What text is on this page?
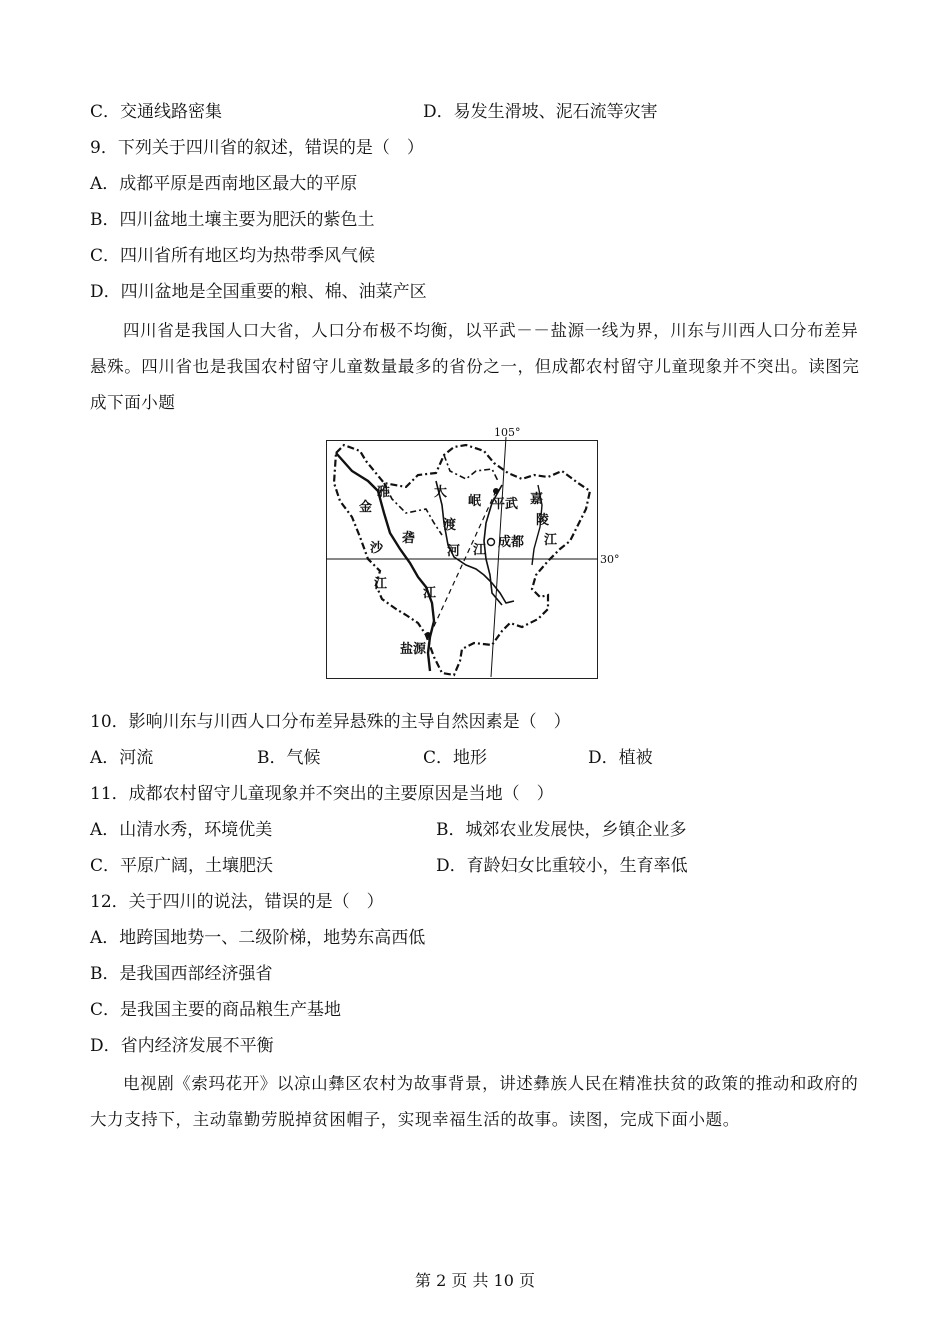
C．交通线路密集	D．易发生滑坡、泥石流等灾害
9．下列关于四川省的叙述，错误的是（　）
A．成都平原是西南地区最大的平原
B．四川盆地土壤主要为肥沃的紫色土
C．四川省所有地区均为热带季风气候
D．四川盆地是全国重要的粮、棉、油菜产区
四川省是我国人口大省，人口分布极不均衡，以平武－－盐源一线为界，川东与川西人口分布差异悬殊。四川省也是我国农村留守儿童数量最多的省份之一，但成都农村留守儿童现象并不突出。读图完成下面小题
105°
30°
金
沙
江
雅
砻
江
大
渡
河
岷
江
嘉
陵
江
平武
成都
盐源
10．影响川东与川西人口分布差异悬殊的主导自然因素是（　）
A．河流	B．气候	C．地形	D．植被
11．成都农村留守儿童现象并不突出的主要原因是当地（　）
A．山清水秀，环境优美	B．城郊农业发展快，乡镇企业多
C．平原广阔，土壤肥沃	D．育龄妇女比重较小，生育率低
12．关于四川的说法，错误的是（　）
A．地跨国地势一、二级阶梯，地势东高西低
B．是我国西部经济强省
C．是我国主要的商品粮生产基地
D．省内经济发展不平衡
电视剧《索玛花开》以凉山彝区农村为故事背景，讲述彝族人民在精准扶贫的政策的推动和政府的大力支持下，主动靠勤劳脱掉贫困帽子，实现幸福生活的故事。读图，完成下面小题。
第 2 页 共 10 页
